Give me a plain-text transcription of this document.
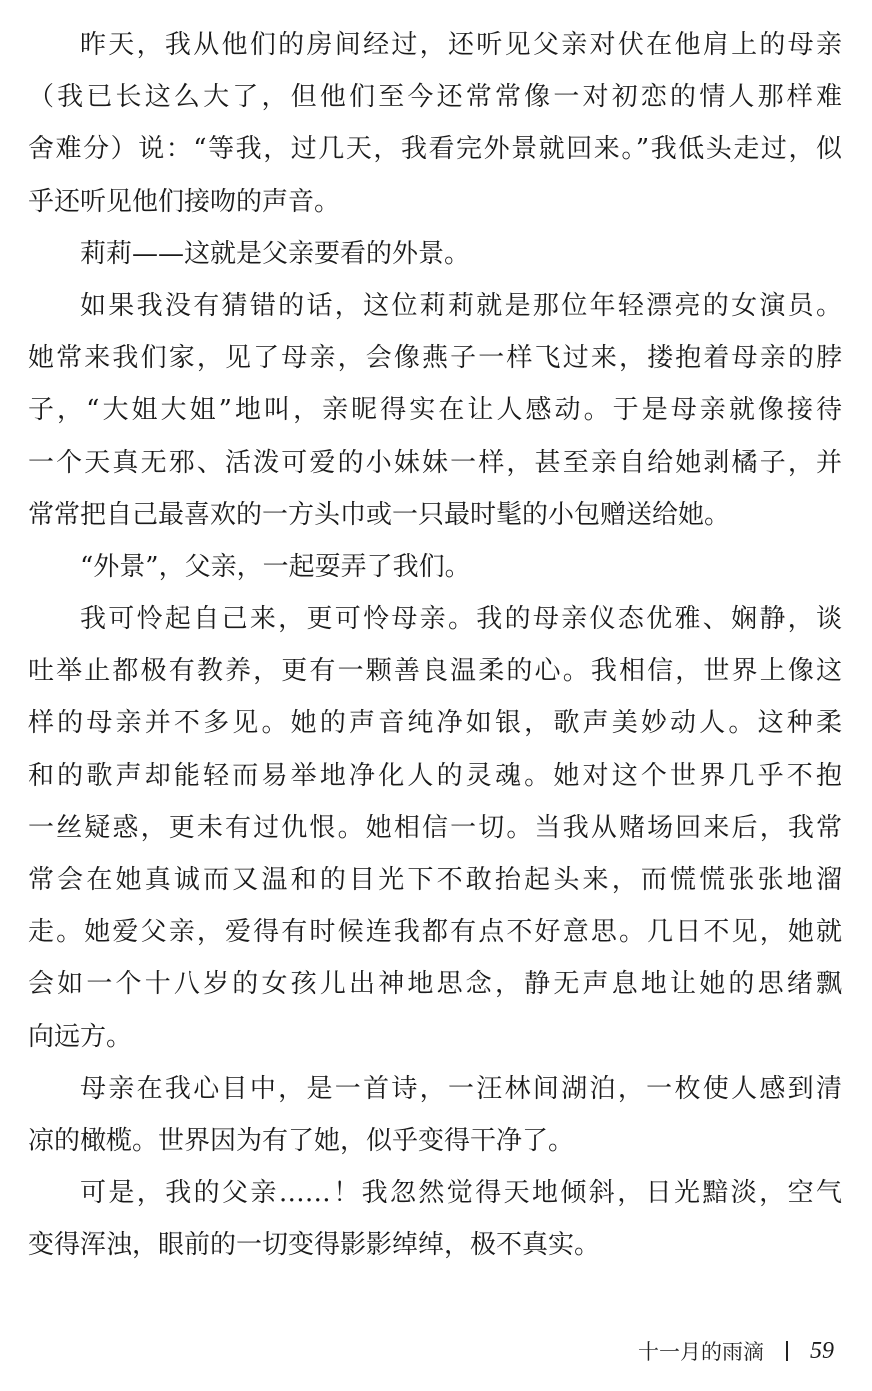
昨天，我从他们的房间经过，还听见父亲对伏在他肩上的母亲
（我已长这么大了，但他们至今还常常像一对初恋的情人那样难
舍难分）说：“等我，过几天，我看完外景就回来。”我低头走过，似
乎还听见他们接吻的声音。
莉莉——这就是父亲要看的外景。
如果我没有猜错的话，这位莉莉就是那位年轻漂亮的女演员。
她常来我们家，见了母亲，会像燕子一样飞过来，搂抱着母亲的脖
子，“大姐大姐”地叫，亲昵得实在让人感动。于是母亲就像接待
一个天真无邪、活泼可爱的小妹妹一样，甚至亲自给她剥橘子，并
常常把自己最喜欢的一方头巾或一只最时髦的小包赠送给她。
“外景”，父亲，一起耍弄了我们。
我可怜起自己来，更可怜母亲。我的母亲仪态优雅、娴静，谈
吐举止都极有教养，更有一颗善良温柔的心。我相信，世界上像这
样的母亲并不多见。她的声音纯净如银，歌声美妙动人。这种柔
和的歌声却能轻而易举地净化人的灵魂。她对这个世界几乎不抱
一丝疑惑，更未有过仇恨。她相信一切。当我从赌场回来后，我常
常会在她真诚而又温和的目光下不敢抬起头来，而慌慌张张地溜
走。她爱父亲，爱得有时候连我都有点不好意思。几日不见，她就
会如一个十八岁的女孩儿出神地思念，静无声息地让她的思绪飘
向远方。
母亲在我心目中，是一首诗，一汪林间湖泊，一枚使人感到清
凉的橄榄。世界因为有了她，似乎变得干净了。
可是，我的父亲……！我忽然觉得天地倾斜，日光黯淡，空气
变得浑浊，眼前的一切变得影影绰绰，极不真实。
十一月的雨滴 59
